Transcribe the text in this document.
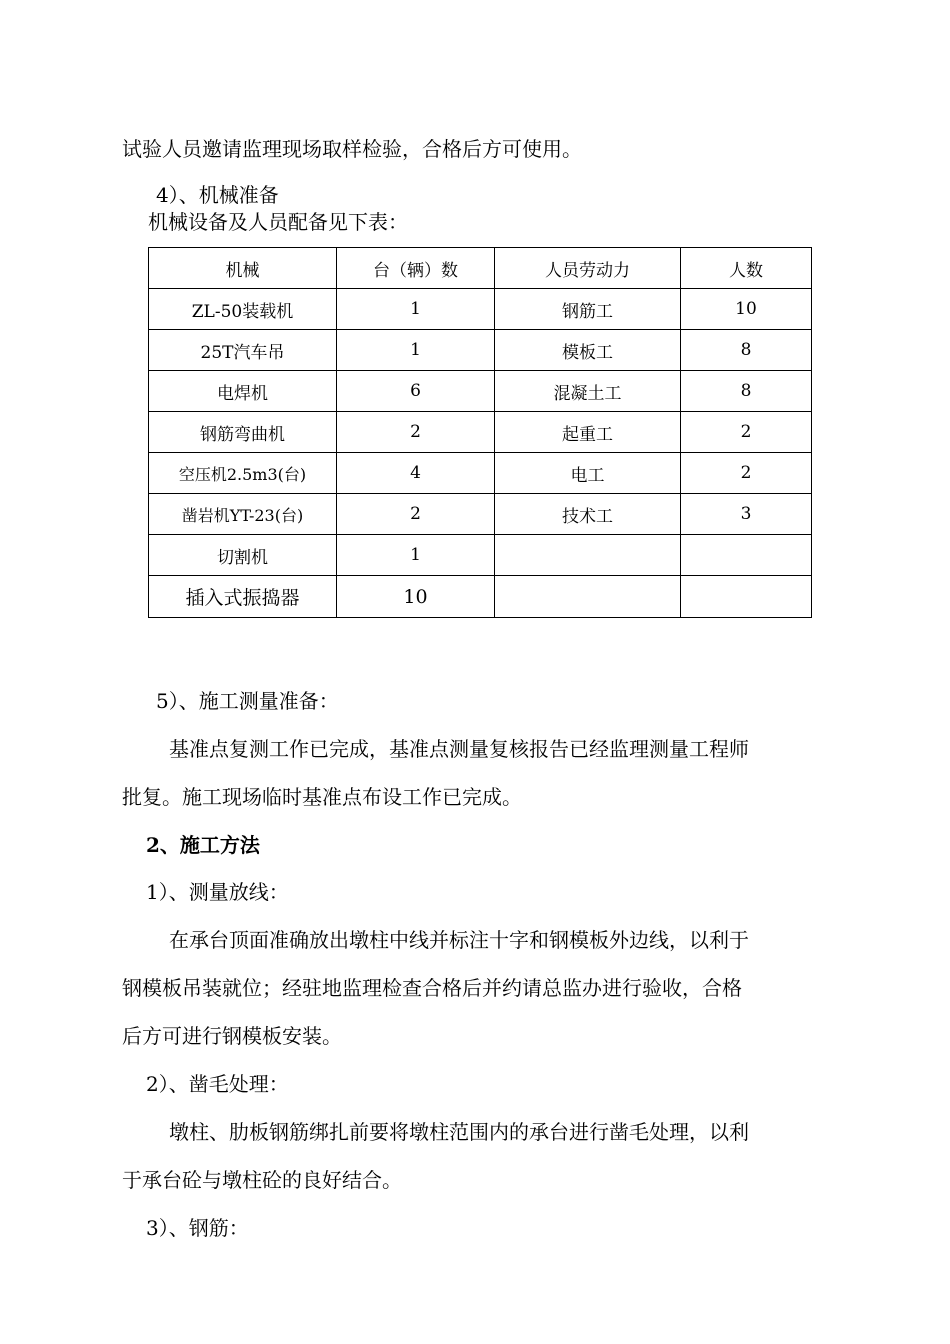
试验人员邀请监理现场取样检验，合格后方可使用。
4）、机械准备
机械设备及人员配备见下表：
机械	台（辆）数	人员劳动力	人数
ZL-50装载机	1	钢筋工	10
25T汽车吊	1	模板工	8
电焊机	6	混凝土工	8
钢筋弯曲机	2	起重工	2
空压机2.5m3(台)	4	电工	2
凿岩机YT-23(台)	2	技术工	3
切割机	1		
插入式振捣器	10		
5）、施工测量准备：
基准点复测工作已完成，基准点测量复核报告已经监理测量工程师
批复。施工现场临时基准点布设工作已完成。
2、施工方法
1）、测量放线：
在承台顶面准确放出墩柱中线并标注十字和钢模板外边线，以利于
钢模板吊装就位；经驻地监理检查合格后并约请总监办进行验收，合格
后方可进行钢模板安装。
2）、凿毛处理：
墩柱、肋板钢筋绑扎前要将墩柱范围内的承台进行凿毛处理，以利
于承台砼与墩柱砼的良好结合。
3）、钢筋：
